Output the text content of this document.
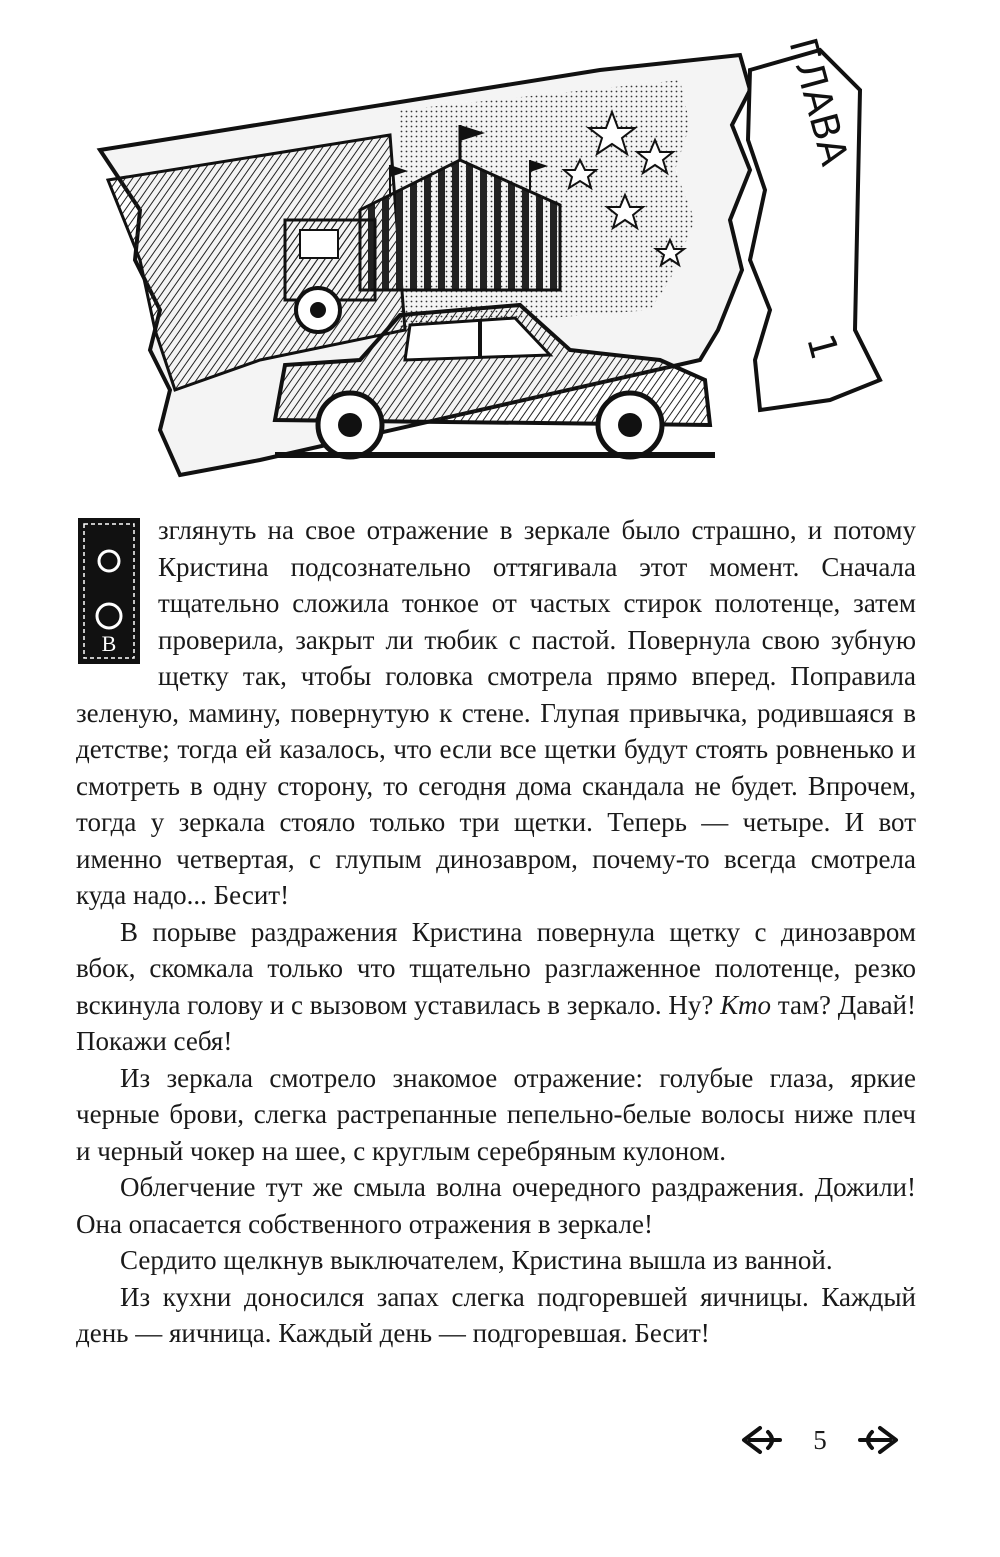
ГЛАВА
1

В
зглянуть на свое отражение в зеркале было страшно, и потому Кристина подсознательно оттягивала этот момент. Сначала тщательно сложила тонкое от частых стирок полотенце, затем проверила, закрыт ли тюбик с пастой. Повернула свою зубную щетку так, чтобы головка смотрела прямо вперед. Поправила зеленую, мамину, повернутую к стене. Глупая привычка, родившаяся в детстве; тогда ей казалось, что если все щетки будут стоять ровненько и смотреть в одну сторону, то сегодня дома скандала не будет. Впрочем, тогда у зеркала стояло только три щетки. Теперь — четыре. И вот именно четвертая, с глупым динозавром, почему-то всегда смотрела куда надо... Бесит!

В порыве раздражения Кристина повернула щетку с динозавром вбок, скомкала только что тщательно разглаженное полотенце, резко вскинула голову и с вызовом уставилась в зеркало. Ну? Кто там? Давай! Покажи себя!

Из зеркала смотрело знакомое отражение: голубые глаза, яркие черные брови, слегка растрепанные пепельно-белые волосы ниже плеч и черный чокер на шее, с круглым серебряным кулоном.

Облегчение тут же смыла волна очередного раздражения. Дожили! Она опасается собственного отражения в зеркале!

Сердито щелкнув выключателем, Кристина вышла из ванной.

Из кухни доносился запах слегка подгоревшей яичницы. Каждый день — яичница. Каждый день — подгоревшая. Бесит!

5
